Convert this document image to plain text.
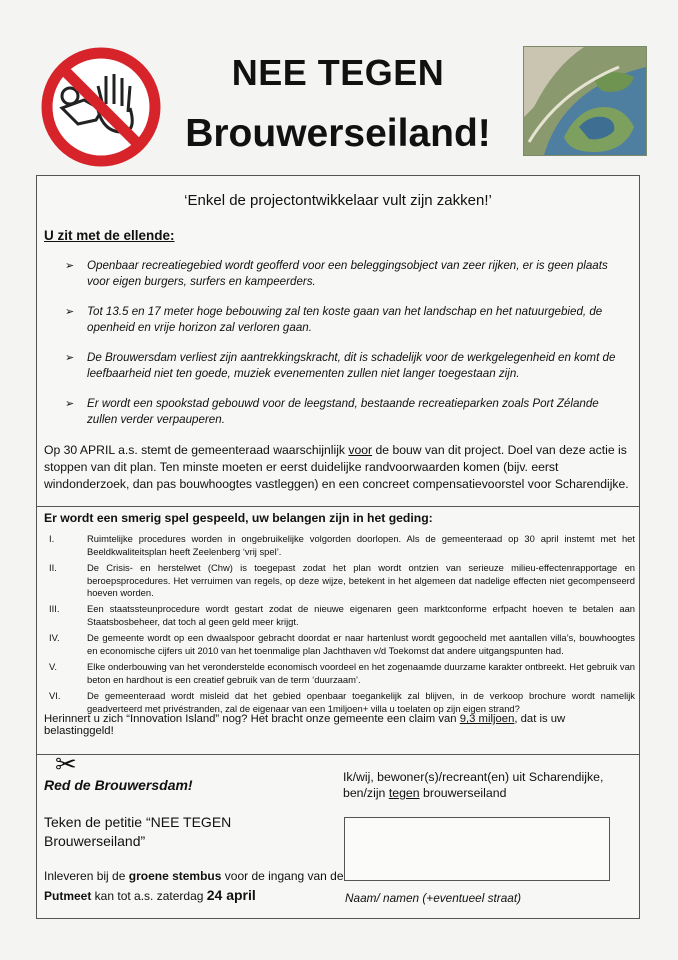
NEE TEGEN
Brouwerseiland!
‘Enkel de projectontwikkelaar vult zijn zakken!’
U zit met de ellende:
➢ Openbaar recreatiegebied wordt geofferd voor een beleggingsobject van zeer rijken, er is geen plaats voor eigen burgers, surfers en kampeerders.
➢ Tot 13.5 en 17 meter hoge bebouwing zal ten koste gaan van het landschap en het natuurgebied, de openheid en vrije horizon zal verloren gaan.
➢ De Brouwersdam verliest zijn aantrekkingskracht, dit is schadelijk voor de werkgelegenheid en komt de leefbaarheid niet ten goede, muziek evenementen zullen niet langer toegestaan zijn.
➢ Er wordt een spookstad gebouwd voor de leegstand, bestaande recreatieparken zoals Port Zélande zullen verder verpauperen.
Op 30 APRIL a.s. stemt de gemeenteraad waarschijnlijk voor de bouw van dit project. Doel van deze actie is stoppen van dit plan. Ten minste moeten er eerst duidelijke randvoorwaarden komen (bijv. eerst windonderzoek, dan pas bouwhoogtes vastleggen) en een concreet compensatievoorstel voor Scharendijke.
Er wordt een smerig spel gespeeld, uw belangen zijn in het geding:
I.	Ruimtelijke procedures worden in ongebruikelijke volgorden doorlopen. Als de gemeenteraad op 30 april instemt met het Beeldkwaliteitsplan heeft Zeelenberg ‘vrij spel’.
II.	De Crisis- en herstelwet (Chw) is toegepast zodat het plan wordt ontzien van serieuze milieu-effectenrapportage en beroepsprocedures. Het verruimen van regels, op deze wijze, betekent in het algemeen dat nadelige effecten niet gecompenseerd hoeven worden.
III.	Een staatssteunprocedure wordt gestart zodat de nieuwe eigenaren geen marktconforme erfpacht hoeven te betalen aan Staatsbosbeheer, dat toch al geen geld meer krijgt.
IV.	De gemeente wordt op een dwaalspoor gebracht doordat er naar hartenlust wordt gegoocheld met aantallen villa’s, bouwhoogtes en economische cijfers uit 2010 van het toenmalige plan Jachthaven v/d Toekomst dat andere uitgangspunten had.
V.	Elke onderbouwing van het veronderstelde economisch voordeel en het zogenaamde duurzame karakter ontbreekt. Het gebruik van beton en hardhout is een creatief gebruik van de term ‘duurzaam’.
VI.	De gemeenteraad wordt misleid dat het gebied openbaar toegankelijk zal blijven, in de verkoop brochure wordt namelijk geadverteerd met privéstranden, zal de eigenaar van een 1miljoen+ villa u toelaten op zijn eigen strand?
Herinnert u zich “Innovation Island” nog? Het bracht onze gemeente een claim van 9,3 miljoen, dat is uw belastinggeld!
✂
Red de Brouwersdam!
Teken de petitie “NEE TEGEN Brouwerseiland”
Inleveren bij de groene stembus voor de ingang van de Putmeet kan tot a.s. zaterdag 24 april
Ik/wij, bewoner(s)/recreant(en) uit Scharendijke,
ben/zijn tegen brouwerseiland
Naam/ namen (+eventueel straat)
